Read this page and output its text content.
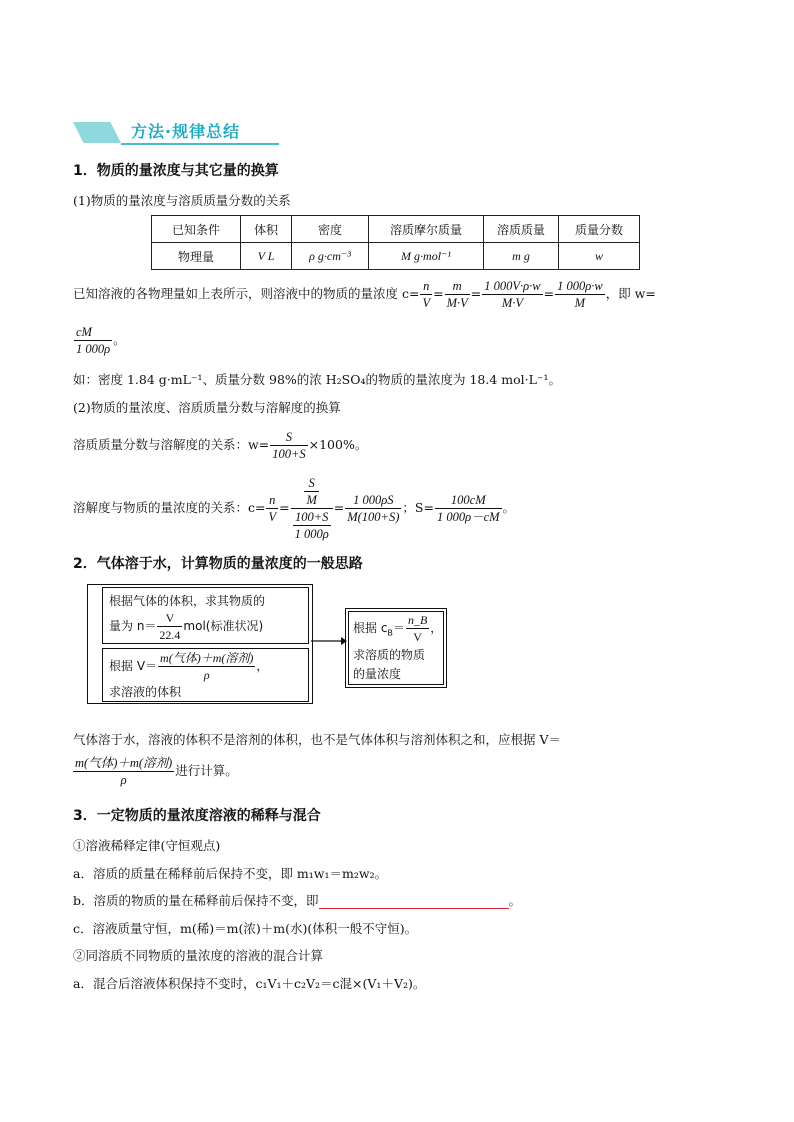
方法·规律总结
1．物质的量浓度与其它量的换算
(1)物质的量浓度与溶质质量分数的关系
已知条件	体积	密度	溶质摩尔质量	溶质质量	质量分数
物理量	V L	ρ g·cm⁻³	M g·mol⁻¹	m g	w
已知溶液的各物理量如上表所示，则溶液中的物质的量浓度 $c= \frac{n}{V} = \frac{m}{M\cdot V} = \frac{1 000V\cdot\rho\cdot w}{M\cdot V} = \frac{1 000\rho\cdot w}{M}$ ，即 w=
$\frac{cM}{1 000\rho}$ 。
如：密度 1.84 g·mL⁻¹、质量分数 98%的浓 H₂SO₄的物质的量浓度为 18.4 mol·L⁻¹。
(2)物质的量浓度、溶质质量分数与溶解度的换算
溶质质量分数与溶解度的关系：$w= \frac{S}{100+S} \times 100\%$。
溶解度与物质的量浓度的关系：$c= \frac{n}{V} = \frac{\frac{S}{M}}{\frac{100+S}{1 000\rho}} = \frac{1 000\rho S}{M(100+S)}$ ；$S= \frac{100cM}{1 000\rho-cM}$ 。
2．气体溶于水，计算物质的量浓度的一般思路
根据气体的体积，求其物质的
量为 $n= \frac{V}{22.4} mol$(标准状况)
根据 V＝
m(气体)＋m(溶剂)
ρ
，
求溶液的体积
根据 $c_B= \frac{n\_B}{V}$ ，
求溶质的物质
的量浓度
气体溶于水，溶液的体积不是溶剂的体积，也不是气体体积与溶剂体积之和，应根据 V＝
m(气体)＋m(溶剂)
ρ
进行计算。
3．一定物质的量浓度溶液的稀释与混合
①溶液稀释定律(守恒观点)
a．溶质的质量在稀释前后保持不变，即 m₁w₁＝m₂w₂。
b．溶质的物质的量在稀释前后保持不变，即	。
c．溶液质量守恒，m(稀)＝m(浓)＋m(水)(体积一般不守恒)。
②同溶质不同物质的量浓度的溶液的混合计算
a．混合后溶液体积保持不变时，c₁V₁＋c₂V₂＝c混×(V₁＋V₂)。
